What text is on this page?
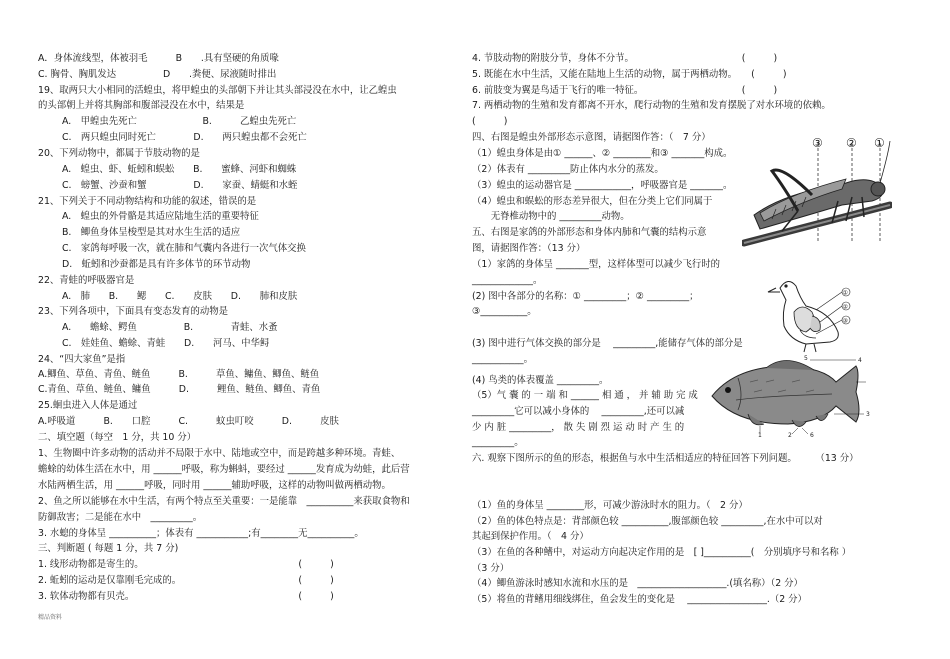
A．身体流线型，体被羽毛　　　B　　.具有坚硬的角质喙
C. 胸骨、胸肌发达　　　　　D　　.粪便、尿液随时排出
19、取两只大小相同的活蝗虫，将甲蝗虫的头部朝下并让其头部浸没在水中，让乙蝗虫
的头部朝上并将其胸部和腹部浸没在水中，结果是
A.　甲蝗虫先死亡　　　　　　　B.　　　乙蝗虫先死亡
C.　两只蝗虫同时死亡　　　　D.　　两只蝗虫都不会死亡
20、下列动物中，都属于节肢动物的是
A.　蝗虫、虾、蚯蚓和蜈蚣　　B.　　蜜蜂、河虾和蜘蛛
C.　螃蟹、沙蚕和蟹　　　　　D.　　家蚕、蜻蜓和水蛭
21、下列关于不同动物结构和功能的叙述，错误的是
A.　蝗虫的外骨骼是其适应陆地生活的重要特征
B.　鲫鱼身体呈梭型是其对水生生活的适应
C.　家鸽每呼吸一次，就在肺和气囊内各进行一次气体交换
D.　蚯蚓和沙蚕都是具有许多体节的环节动物
22、青蛙的呼吸器官是
A.　肺　　B.　　鳃　　C.　　皮肤　　D.　　肺和皮肤
23、下列各项中，下面具有变态发育的动物是
A.　　蟾蜍、鳄鱼　　　　　B.　　　　青蛙、水蚤
C.　娃娃鱼、蟾蜍、青蛙　　D.　　河马、中华鲟
24、“四大家鱼”是指
A.鲫鱼、草鱼、青鱼、鲢鱼　　　B.　　　草鱼、鳙鱼、鲫鱼、鲢鱼
C.青鱼、草鱼、鲢鱼、鳙鱼　　　D.　　　鲤鱼、鲢鱼、鲫鱼、青鱼
25.蛔虫进入人体是通过
A.呼吸道　　　B.　　口腔　　　C.　　　蚊虫叮咬　　　D.　　　皮肤
二、填空题（每空　1 分，共 10 分）
1、生物圈中许多动物的活动并不局限于水中、陆地或空中，而是跨越多种环境。青蛙、
蟾蜍的幼体生活在水中，用 ______呼吸，称为蝌蚪，要经过 ______发育成为幼蛙，此后营
水陆两栖生活，用 ______呼吸，同时用 ______辅助呼吸，这样的动物叫做两栖动物。
2、鱼之所以能够在水中生活，有两个特点至关重要：一是能靠　__________来获取食物和
防御敌害；二是能在水中　_________。
3. 水螅的身体呈 __________；体表有 ___________;有________无__________。
三、判断题 ( 每题 1 分，共 7 分)
1. 线形动物都是寄生的。　　　　　　　　　　　　　　　　　(　　　)
2. 蚯蚓的运动是仅靠刚毛完成的。　　　　　　　　　　　　　(　　　)
3. 软体动物都有贝壳。　　　　　　　　　　　　　　　　　　(　　　)
精品资料
4. 节肢动物的附肢分节，身体不分节。　　　　　　　　　　　　(　　　)
5. 既能在水中生活，又能在陆地上生活的动物，属于两栖动物。　　(　　　)
6. 前肢变为翼是鸟适于飞行的唯一特征。　　　　　　　　　　　(　　　)
7. 两栖动物的生殖和发育都离不开水，爬行动物的生殖和发育摆脱了对水环境的依赖。
(　　　)
四、右图是蝗虫外部形态示意图，请据图作答：（　7 分）
（1）蝗虫身体是由① ______、② ________和③ _______构成。
（2）体表有 _________防止体内水分的蒸发。
（3）蝗虫的运动器官是 ____________，呼吸器官是 _______。
（4）蝗虫和蜈蚣的形态差异很大，但在分类上它们同属于
　　无脊椎动物中的 _________动物。
五、右图是家鸽的外部形态和身体内肺和气囊的结构示意
图，请据图作答：（13 分）
（1）家鸽的身体呈 _______型，这样体型可以减少飞行时的
_____________。
(2) 图中各部分的名称：① _________；② _________；
③__________。
(3) 图中进行气体交换的部分是　 _________,能储存气体的部分是
___________。
(4) 鸟类的体表覆盖 _________。
（5）气 囊 的 一 端 和 ______ 相 通 ， 并 辅 助 完 成
_________它可以减小身体的　 _________,还可以减
少 内 脏 _________， 散 失 剧 烈 运 动 时 产 生 的
_________。
六. 观察下图所示的鱼的形态，根据鱼与水中生活相适应的特征回答下列问题。　　　（13 分）
（1）鱼的身体呈 ________形，可减少游泳时水的阻力。（　2 分）
（2）鱼的体色特点是：背部颜色较 __________,腹部颜色较 _________,在水中可以对
其起到保护作用。（　4 分）
（3）在鱼的各种鳍中，对运动方向起决定作用的是　[ ]__________(　分别填序号和名称 ）
（3 分）
（4）鲫鱼游泳时感知水流和水压的是　___________________.(填名称）（2 分）
（5）将鱼的背鳍用细线绑住，鱼会发生的变化是　 _________________.（2 分）
③ ② ①
①
②
③
1	2
3
4
5
6
